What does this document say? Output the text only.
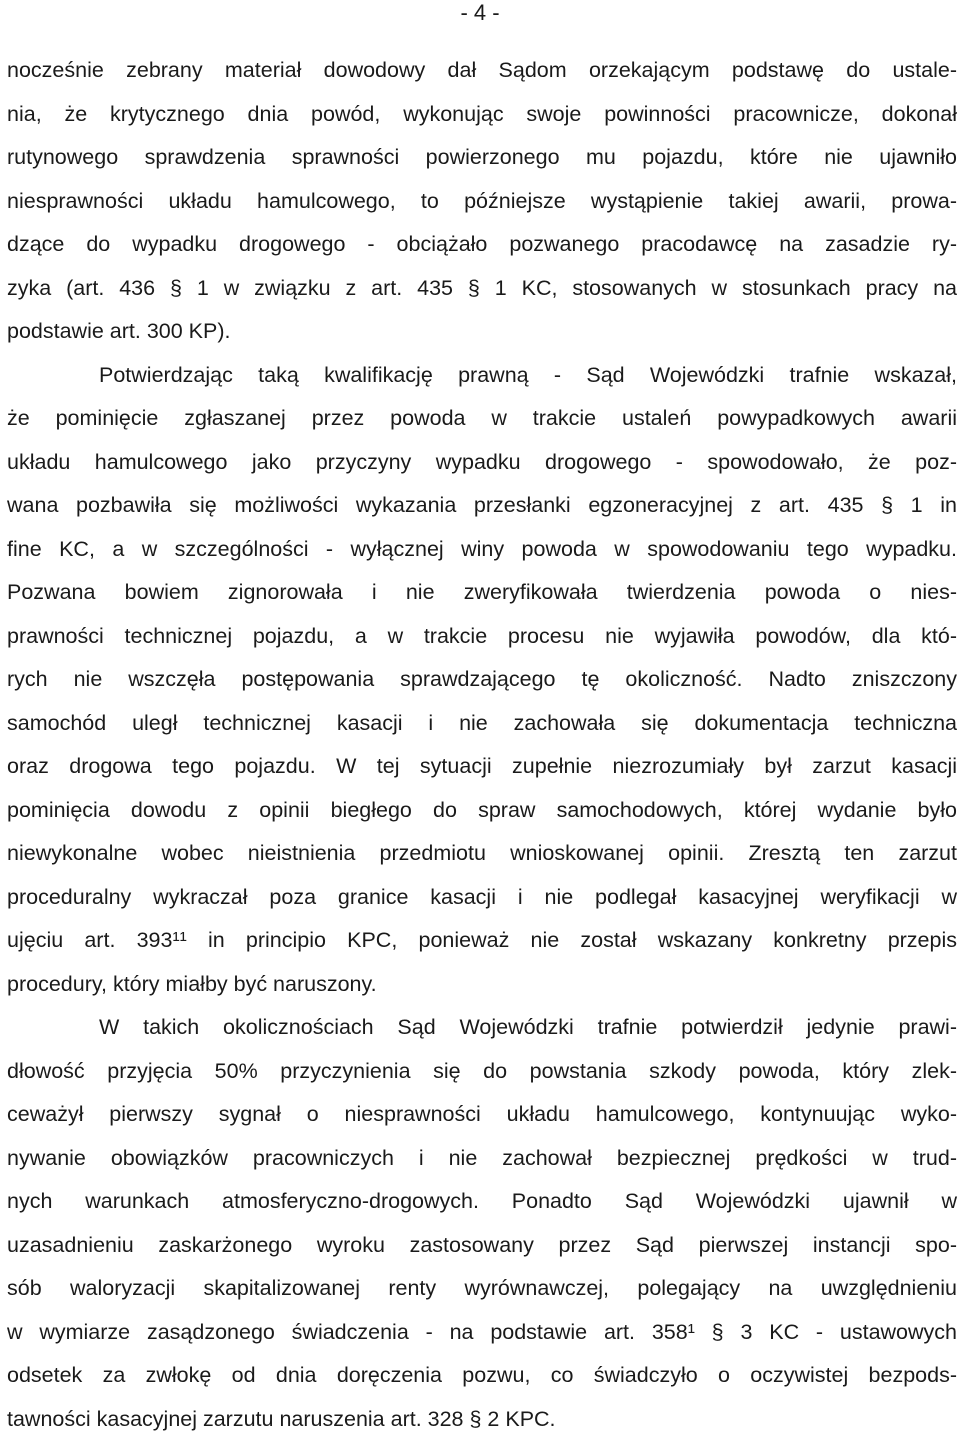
- 4 -
nocześnie zebrany materiał dowodowy dał Sądom orzekającym podstawę do ustale-
nia, że krytycznego dnia powód, wykonując swoje powinności pracownicze, dokonał
rutynowego sprawdzenia sprawności powierzonego mu pojazdu, które nie ujawniło
niesprawności układu hamulcowego, to późniejsze wystąpienie takiej awarii, prowa-
dzące do wypadku drogowego - obciążało pozwanego pracodawcę na zasadzie ry-
zyka (art. 436 § 1 w związku z art. 435 § 1 KC, stosowanych w stosunkach pracy na
podstawie art. 300 KP).
Potwierdzając taką kwalifikację prawną - Sąd Wojewódzki trafnie wskazał,
że pominięcie zgłaszanej przez powoda w trakcie ustaleń powypadkowych awarii
układu hamulcowego jako przyczyny wypadku drogowego - spowodowało, że poz-
wana pozbawiła się możliwości wykazania przesłanki egzoneracyjnej z art. 435 § 1 in
fine KC, a w szczególności - wyłącznej winy powoda w spowodowaniu tego wypadku.
Pozwana bowiem zignorowała i nie zweryfikowała twierdzenia powoda o nies-
prawności technicznej pojazdu, a w trakcie procesu nie wyjawiła powodów, dla któ-
rych nie wszczęła postępowania sprawdzającego tę okoliczność. Nadto zniszczony
samochód uległ technicznej kasacji i nie zachowała się dokumentacja techniczna
oraz drogowa tego pojazdu. W tej sytuacji zupełnie niezrozumiały był zarzut kasacji
pominięcia dowodu z opinii biegłego do spraw samochodowych, której wydanie było
niewykonalne wobec nieistnienia przedmiotu wnioskowanej opinii. Zresztą ten zarzut
proceduralny wykraczał poza granice kasacji i nie podlegał kasacyjnej weryfikacji w
ujęciu art. 393¹¹ in principio KPC, ponieważ nie został wskazany konkretny przepis
procedury, który miałby być naruszony.
W takich okolicznościach Sąd Wojewódzki trafnie potwierdził jedynie prawi-
dłowość przyjęcia 50% przyczynienia się do powstania szkody powoda, który zlek-
ceważył pierwszy sygnał o niesprawności układu hamulcowego, kontynuując wyko-
nywanie obowiązków pracowniczych i nie zachował bezpiecznej prędkości w trud-
nych warunkach atmosferyczno-drogowych. Ponadto Sąd Wojewódzki ujawnił w
uzasadnieniu zaskarżonego wyroku zastosowany przez Sąd pierwszej instancji spo-
sób waloryzacji skapitalizowanej renty wyrównawczej, polegający na uwzględnieniu
w wymiarze zasądzonego świadczenia - na podstawie art. 358¹ § 3 KC - ustawowych
odsetek za zwłokę od dnia doręczenia pozwu, co świadczyło o oczywistej bezpods-
tawności kasacyjnej zarzutu naruszenia art. 328 § 2 KPC.
